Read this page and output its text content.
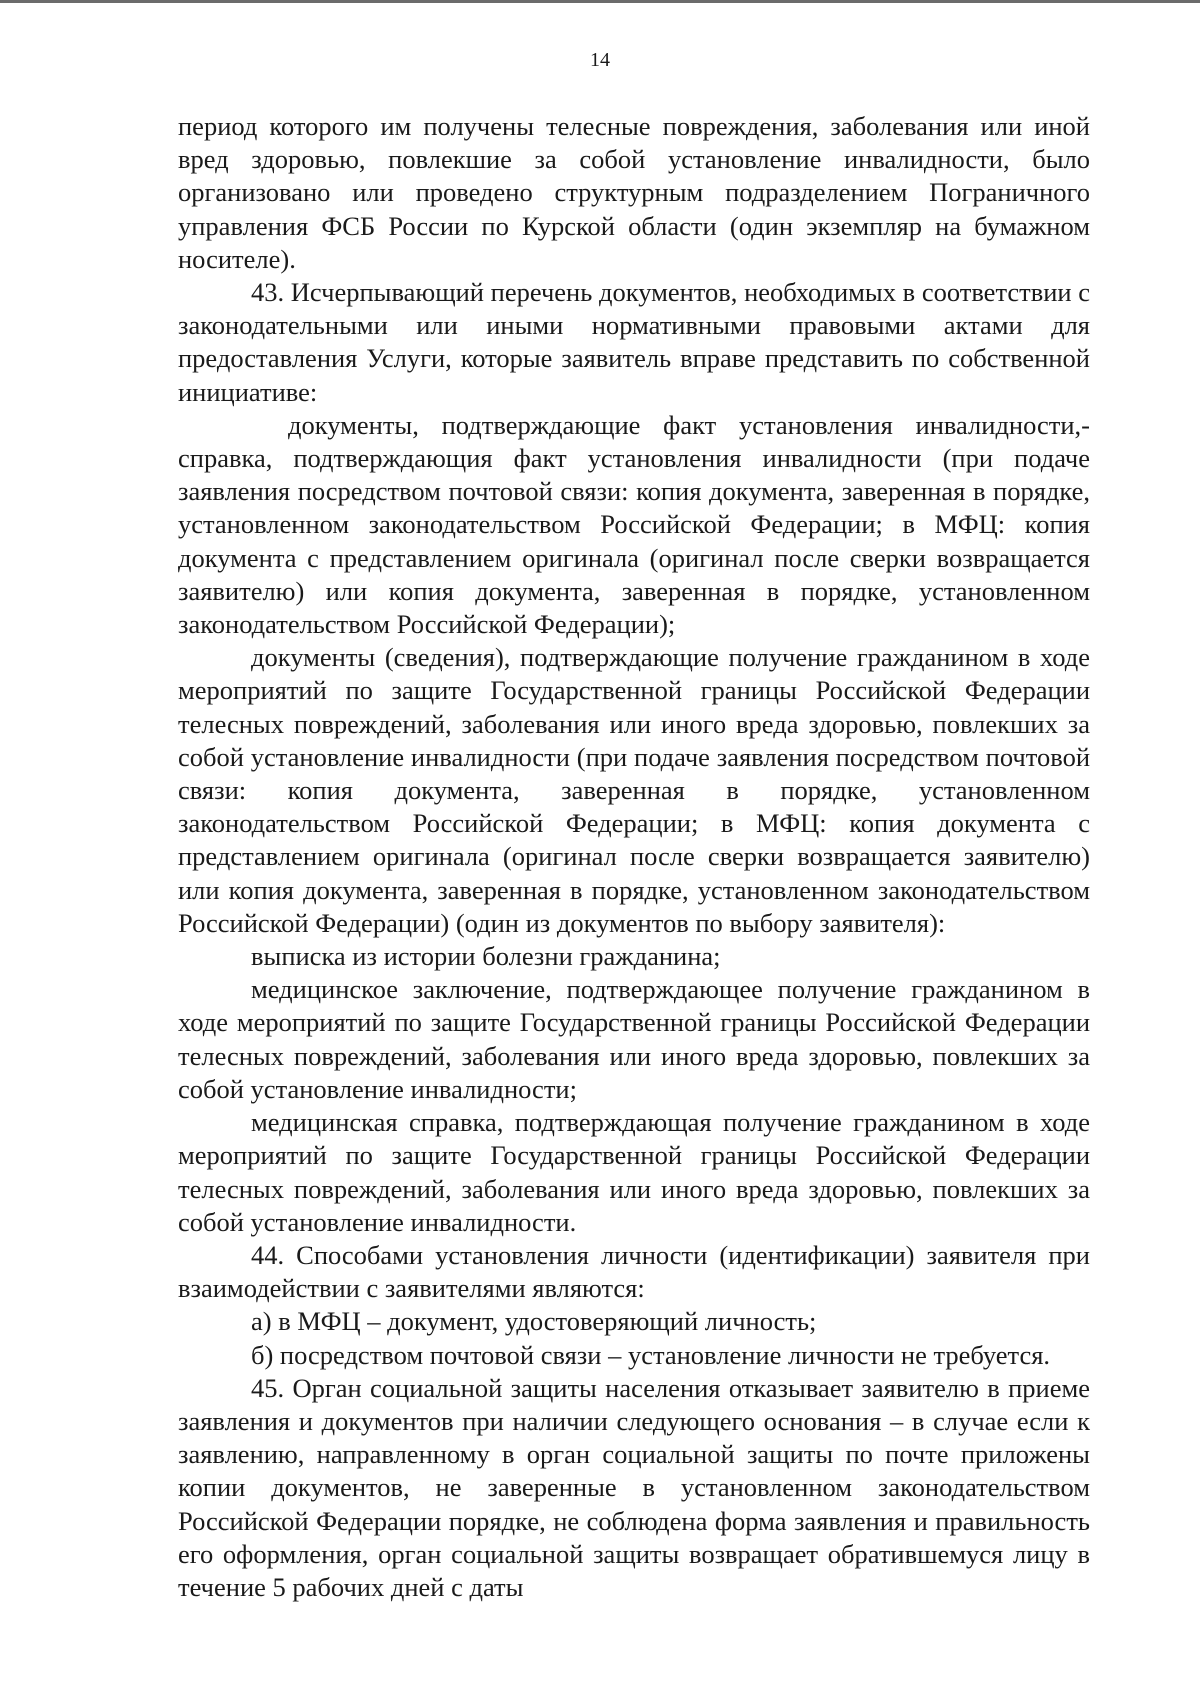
14

период которого им получены телесные повреждения, заболевания или иной вред здоровью, повлекшие за собой установление инвалидности, было организовано или проведено структурным подразделением Пограничного управления ФСБ России по Курской области (один экземпляр на бумажном носителе).

43. Исчерпывающий перечень документов, необходимых в соответствии с законодательными или иными нормативными правовыми актами для предоставления Услуги, которые заявитель вправе представить по собственной инициативе:

документы, подтверждающие факт установления инвалидности,- справка, подтверждающия факт установления инвалидности (при подаче заявления посредством почтовой связи: копия документа, заверенная в порядке, установленном законодательством Российской Федерации; в МФЦ: копия документа с представлением оригинала (оригинал после сверки возвращается заявителю) или копия документа, заверенная в порядке, установленном законодательством Российской Федерации);

документы (сведения), подтверждающие получение гражданином в ходе мероприятий по защите Государственной границы Российской Федерации телесных повреждений, заболевания или иного вреда здоровью, повлекших за собой установление инвалидности (при подаче заявления посредством почтовой связи: копия документа, заверенная в порядке, установленном законодательством Российской Федерации; в МФЦ: копия документа с представлением оригинала (оригинал после сверки возвращается заявителю) или копия документа, заверенная в порядке, установленном законодательством Российской Федерации) (один из документов по выбору заявителя):

выписка из истории болезни гражданина;

медицинское заключение, подтверждающее получение гражданином в ходе мероприятий по защите Государственной границы Российской Федерации телесных повреждений, заболевания или иного вреда здоровью, повлекших за собой установление инвалидности;

медицинская справка, подтверждающая получение гражданином в ходе мероприятий по защите Государственной границы Российской Федерации телесных повреждений, заболевания или иного вреда здоровью, повлекших за собой установление инвалидности.

44. Способами установления личности (идентификации) заявителя при взаимодействии с заявителями являются:

а) в МФЦ – документ, удостоверяющий личность;

б) посредством почтовой связи – установление личности не требуется.

45. Орган социальной защиты населения отказывает заявителю в приеме заявления и документов при наличии следующего основания – в случае если к заявлению, направленному в орган социальной защиты по почте приложены копии документов, не заверенные в установленном законодательством Российской Федерации порядке, не соблюдена форма заявления и правильность его оформления, орган социальной защиты возвращает обратившемуся лицу в течение 5 рабочих дней с даты
